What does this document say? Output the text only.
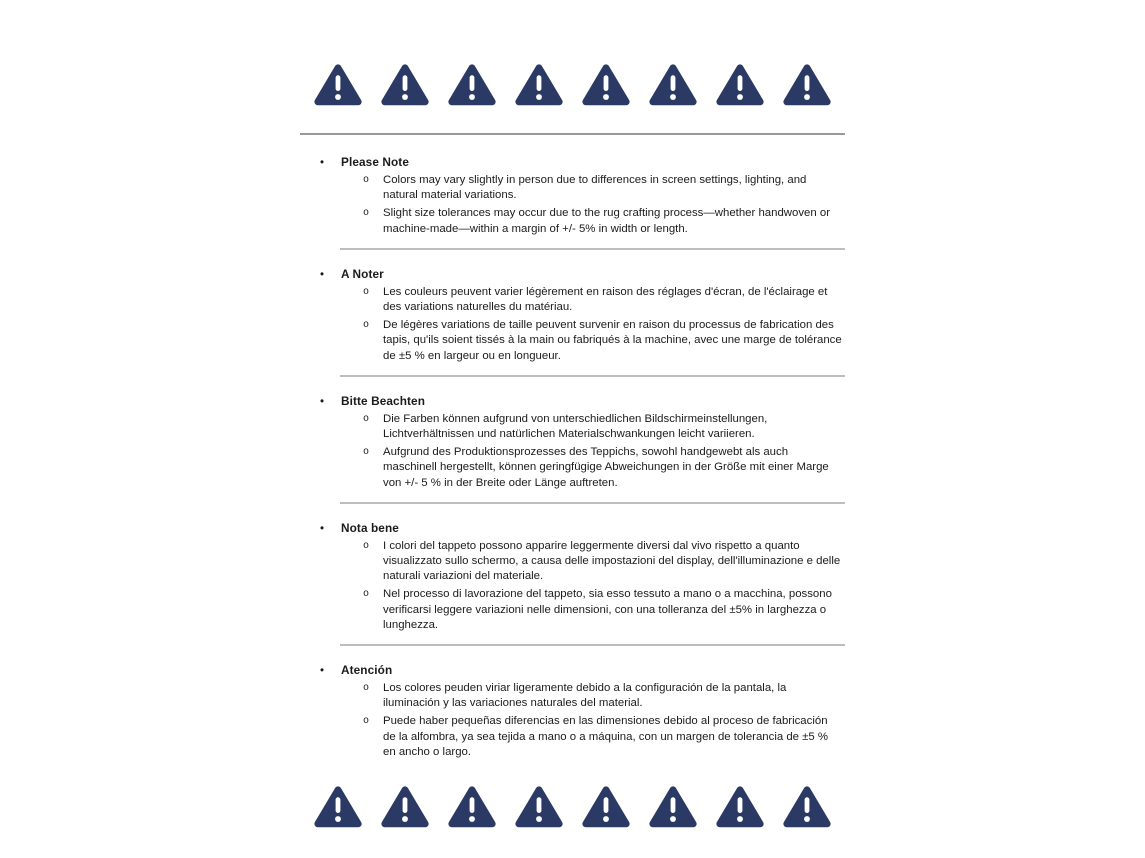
•	Please Note
o	Colors may vary slightly in person due to differences in screen settings, lighting, and natural material variations.

o	Slight size tolerances may occur due to the rug crafting process—whether handwoven or machine-made—within a margin of +/- 5% in width or length.

•	A Noter
o	Les couleurs peuvent varier légèrement en raison des réglages d'écran, de l'éclairage et des variations naturelles du matériau.

o	De légères variations de taille peuvent survenir en raison du processus de fabrication des tapis, qu'ils soient tissés à la main ou fabriqués à la machine, avec une marge de tolérance de ±5 % en largeur ou en longueur.

•	Bitte Beachten
o	Die Farben können aufgrund von unterschiedlichen Bildschirmeinstellungen, Lichtverhältnissen und natürlichen Materialschwankungen leicht variieren.

o	Aufgrund des Produktionsprozesses des Teppichs, sowohl handgewebt als auch maschinell hergestellt, können geringfügige Abweichungen in der Größe mit einer Marge von +/- 5 % in der Breite oder Länge auftreten.

•	Nota bene
o	I colori del tappeto possono apparire leggermente diversi dal vivo rispetto a quanto visualizzato sullo schermo, a causa delle impostazioni del display, dell'illuminazione e delle naturali variazioni del materiale.

o	Nel processo di lavorazione del tappeto, sia esso tessuto a mano o a macchina, possono verificarsi leggere variazioni nelle dimensioni, con una tolleranza del ±5% in larghezza o lunghezza.

•	Atención
o	Los colores peuden viriar ligeramente debido a la configuración de la pantala, la iluminación y las variaciones naturales del material.

o	Puede haber pequeñas diferencias en las dimensiones debido al proceso de fabricación de la alfombra, ya sea tejida a mano o a máquina, con un margen de tolerancia de ±5 % en ancho o largo.
